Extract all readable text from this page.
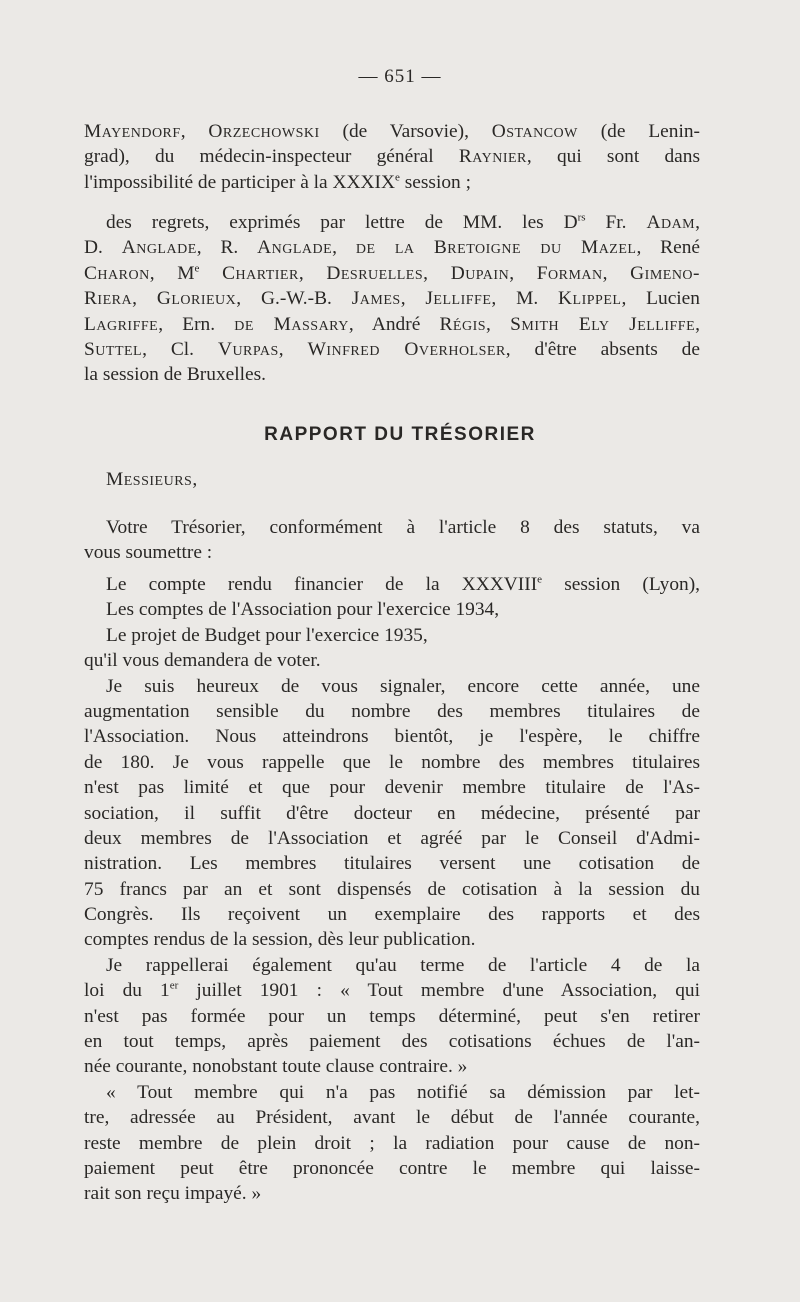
— 651 —
Mayendorf, Orzechowski (de Varsovie), Ostancow (de Lenin-
grad), du médecin-inspecteur général Raynier, qui sont dans
l'impossibilité de participer à la XXXIXe session ;
des regrets, exprimés par lettre de MM. les $D^{rs}$ Fr. Adam,
D. Anglade, R. Anglade, de la Bretoigne du Mazel, René
Charon, Me Chartier, Desruelles, Dupain, Forman, Gimeno-
Riera, Glorieux, G.-W.-B. James, Jelliffe, M. Klippel, Lucien
Lagriffe, Ern. de Massary, André Régis, Smith Ely Jelliffe,
Suttel, Cl. Vurpas, Winfred Overholser, d'être absents de
la session de Bruxelles.
RAPPORT DU TRÉSORIER
Messieurs,
Votre Trésorier, conformément à l'article 8 des statuts, va
vous soumettre :
Le compte rendu financier de la XXXVIIIe session (Lyon),
Les comptes de l'Association pour l'exercice 1934,
Le projet de Budget pour l'exercice 1935,
qu'il vous demandera de voter.
Je suis heureux de vous signaler, encore cette année, une
augmentation sensible du nombre des membres titulaires de
l'Association. Nous atteindrons bientôt, je l'espère, le chiffre
de 180. Je vous rappelle que le nombre des membres titulaires
n'est pas limité et que pour devenir membre titulaire de l'As-
sociation, il suffit d'être docteur en médecine, présenté par
deux membres de l'Association et agréé par le Conseil d'Admi-
nistration. Les membres titulaires versent une cotisation de
75 francs par an et sont dispensés de cotisation à la session du
Congrès. Ils reçoivent un exemplaire des rapports et des
comptes rendus de la session, dès leur publication.
Je rappellerai également qu'au terme de l'article 4 de la
loi du 1er juillet 1901 : « Tout membre d'une Association, qui
n'est pas formée pour un temps déterminé, peut s'en retirer
en tout temps, après paiement des cotisations échues de l'an-
née courante, nonobstant toute clause contraire. »
« Tout membre qui n'a pas notifié sa démission par let-
tre, adressée au Président, avant le début de l'année courante,
reste membre de plein droit ; la radiation pour cause de non-
paiement peut être prononcée contre le membre qui laisse-
rait son reçu impayé. »
